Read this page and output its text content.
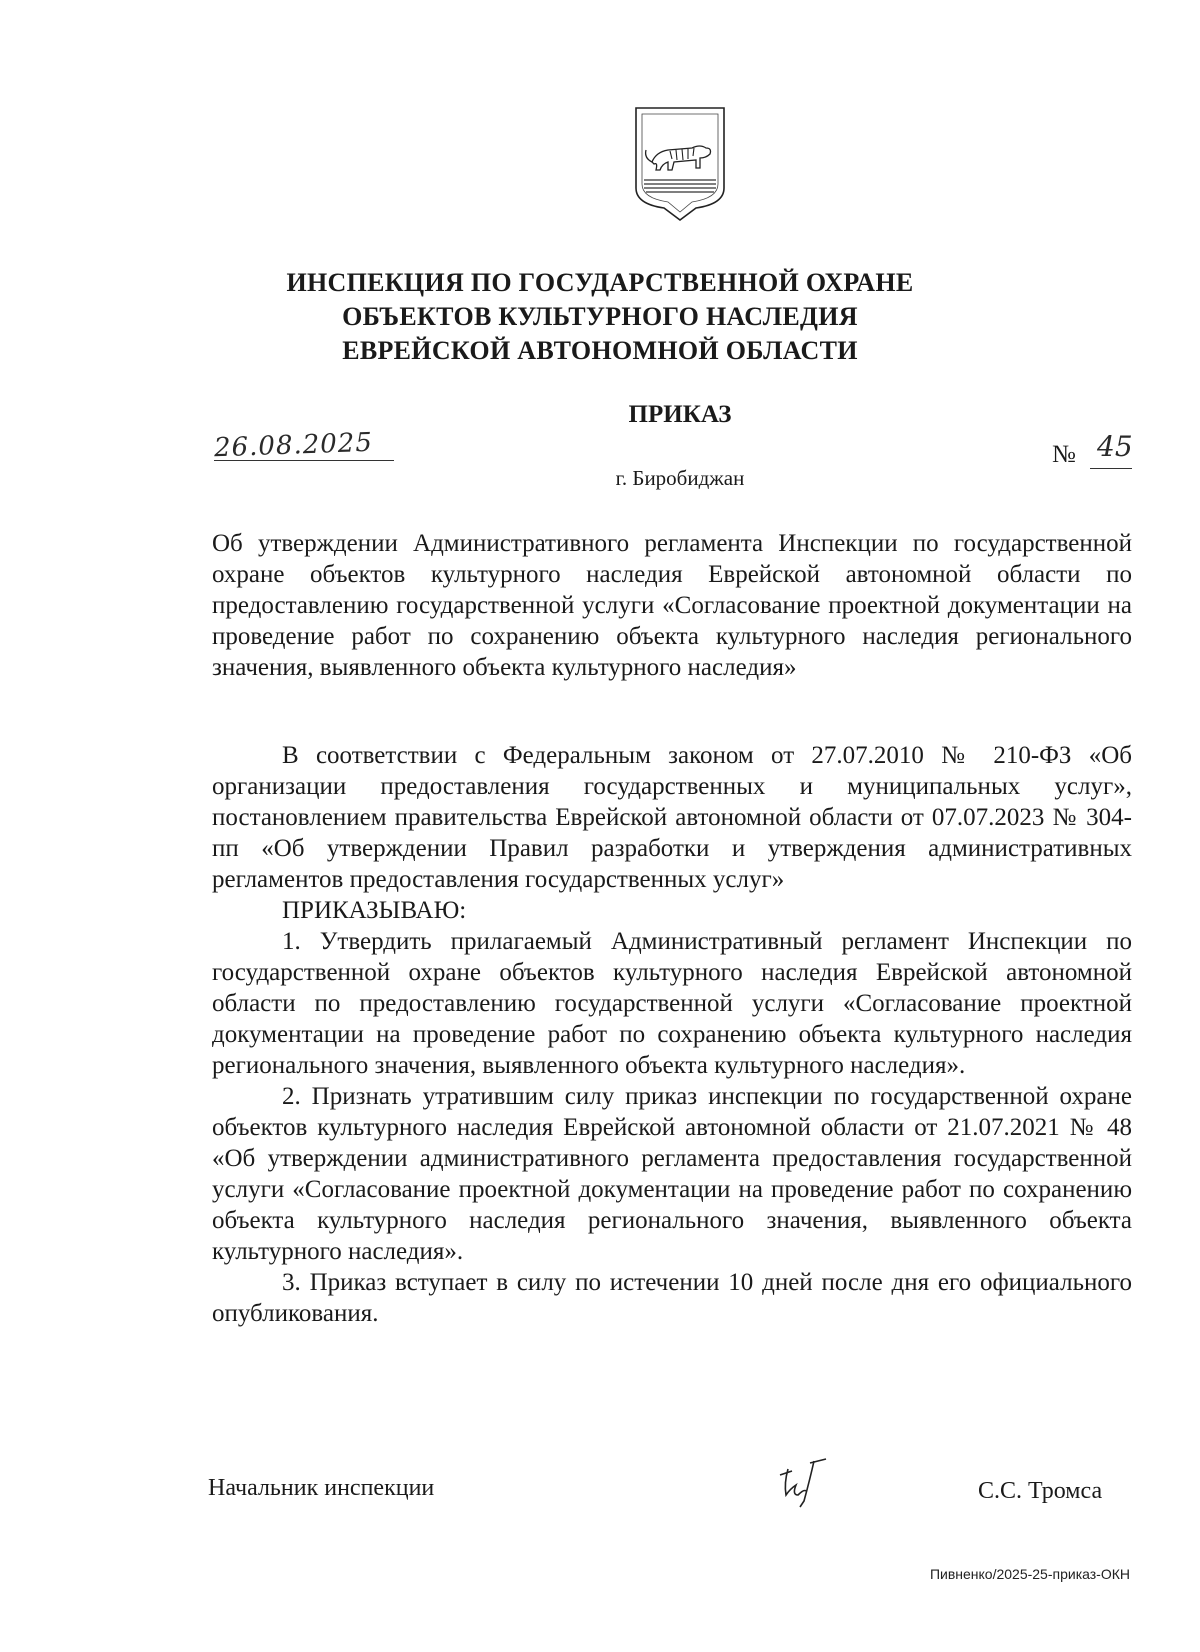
ИНСПЕКЦИЯ ПО ГОСУДАРСТВЕННОЙ ОХРАНЕ
ОБЪЕКТОВ КУЛЬТУРНОГО НАСЛЕДИЯ
ЕВРЕЙСКОЙ АВТОНОМНОЙ ОБЛАСТИ
ПРИКАЗ
26.08.2025	№ 45
г. Биробиджан
Об утверждении Административного регламента Инспекции по государственной охране объектов культурного наследия Еврейской автономной области по предоставлению государственной услуги «Согласование проектной документации на проведение работ по сохранению объекта культурного наследия регионального значения, выявленного объекта культурного наследия»

В соответствии с Федеральным законом от 27.07.2010 № 210-ФЗ «Об организации предоставления государственных и муниципальных услуг», постановлением правительства Еврейской автономной области от 07.07.2023 № 304-пп «Об утверждении Правил разработки и утверждения административных регламентов предоставления государственных услуг»

ПРИКАЗЫВАЮ:

1. Утвердить прилагаемый Административный регламент Инспекции по государственной охране объектов культурного наследия Еврейской автономной области по предоставлению государственной услуги «Согласование проектной документации на проведение работ по сохранению объекта культурного наследия регионального значения, выявленного объекта культурного наследия».

2. Признать утратившим силу приказ инспекции по государственной охране объектов культурного наследия Еврейской автономной области от 21.07.2021 № 48 «Об утверждении административного регламента предоставления государственной услуги «Согласование проектной документации на проведение работ по сохранению объекта культурного наследия регионального значения, выявленного объекта культурного наследия».

3. Приказ вступает в силу по истечении 10 дней после дня его официального опубликования.

Начальник инспекции	С.С. Тромса
Пивненко/2025-25-приказ-ОКН
